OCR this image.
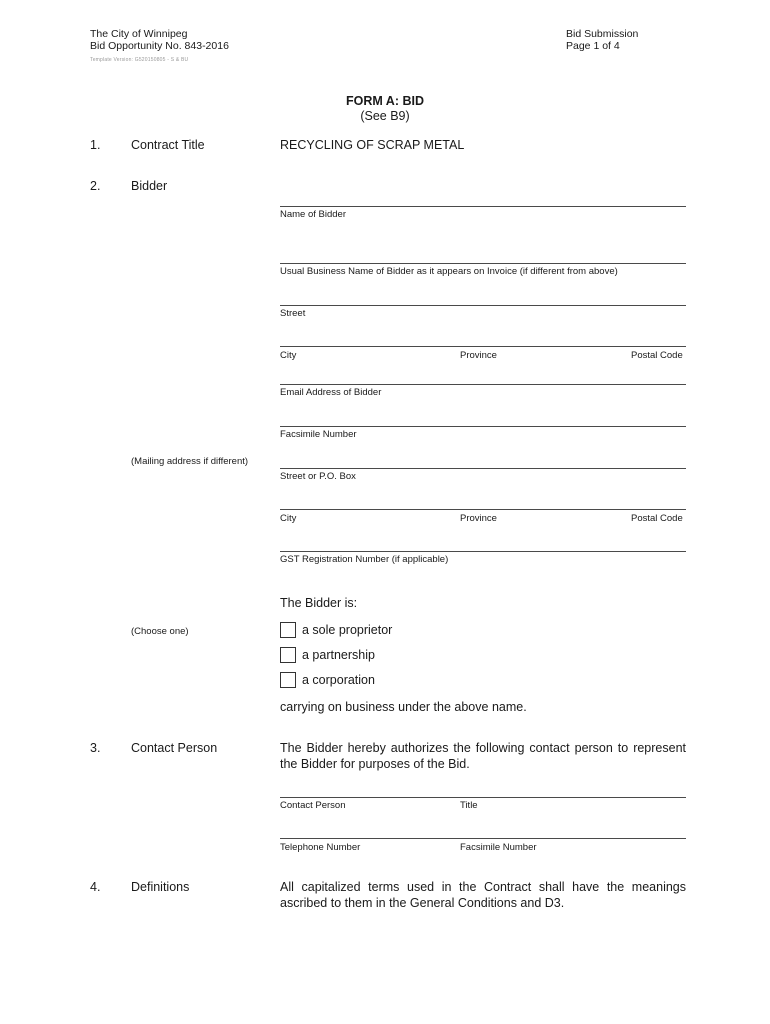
The City of Winnipeg
Bid Opportunity No. 843-2016
Template Version: G520150805 - S & BU
Bid Submission
Page 1 of 4
FORM A: BID
(See B9)
1. Contract Title	RECYCLING OF SCRAP METAL
2. Bidder
Name of Bidder
Usual Business Name of Bidder as it appears on Invoice (if different from above)
Street
City	Province	Postal Code
Email Address of Bidder
Facsimile Number
(Mailing address if different)
Street or P.O. Box
City	Province	Postal Code
GST Registration Number (if applicable)
The Bidder is:
(Choose one)	a sole proprietor
a partnership
a corporation
carrying on business under the above name.
3. Contact Person	The Bidder hereby authorizes the following contact person to represent the Bidder for purposes of the Bid.
Contact Person	Title
Telephone Number	Facsimile Number
4. Definitions	All capitalized terms used in the Contract shall have the meanings ascribed to them in the General Conditions and D3.
